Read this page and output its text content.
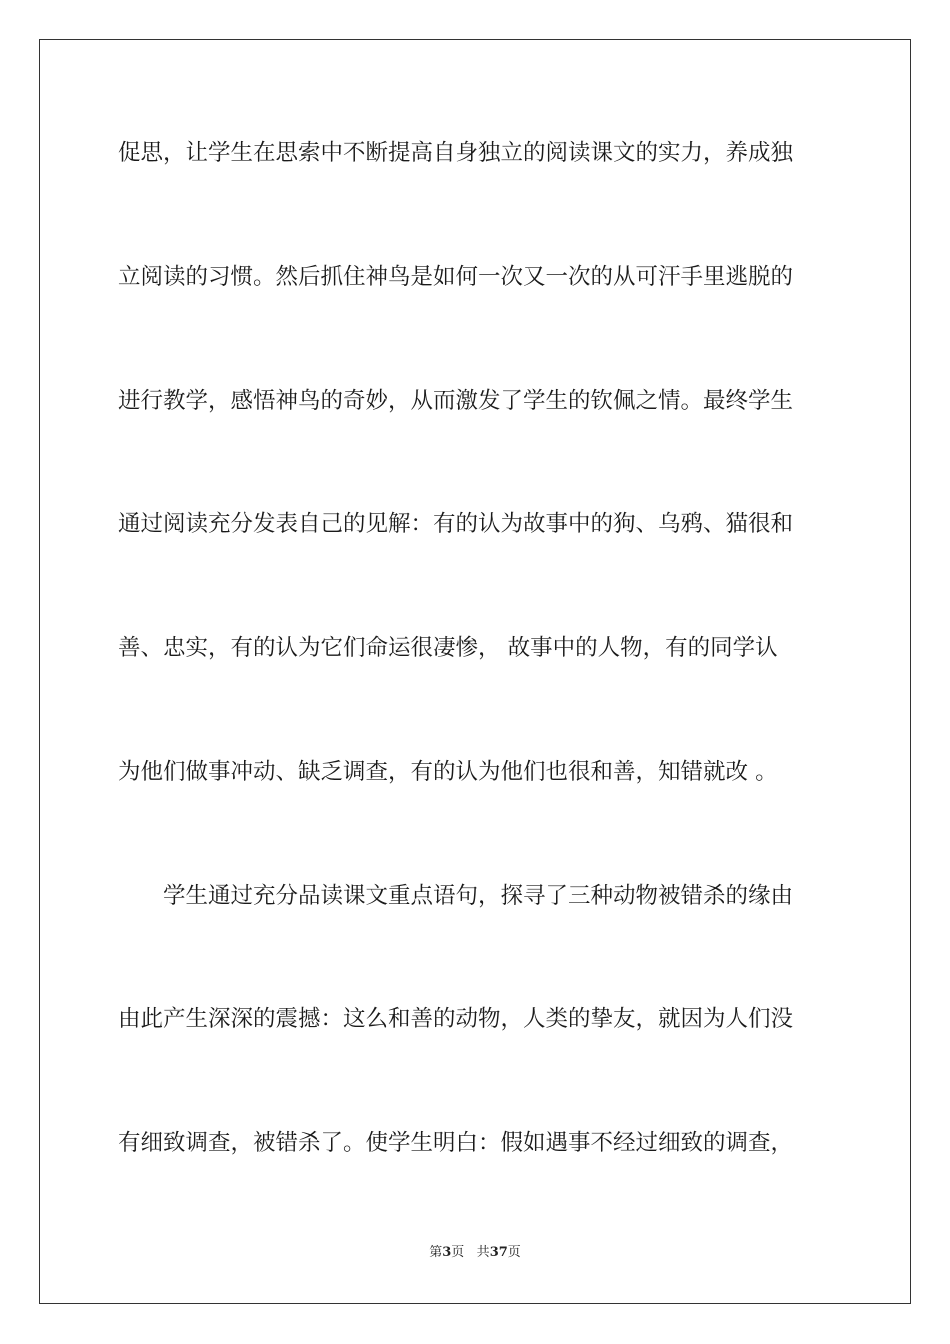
促思，让学生在思索中不断提高自身独立的阅读课文的实力，养成独
立阅读的习惯。然后抓住神鸟是如何一次又一次的从可汗手里逃脱的
进行教学，感悟神鸟的奇妙，从而激发了学生的钦佩之情。最终学生
通过阅读充分发表自己的见解：有的认为故事中的狗、乌鸦、猫很和
善、忠实，有的认为它们命运很凄惨， 故事中的人物，有的同学认
为他们做事冲动、缺乏调查，有的认为他们也很和善，知错就改 。
学生通过充分品读课文重点语句，探寻了三种动物被错杀的缘由
由此产生深深的震撼：这么和善的动物，人类的挚友，就因为人们没
有细致调查，被错杀了。使学生明白：假如遇事不经过细致的调查，
第3页 共37页
